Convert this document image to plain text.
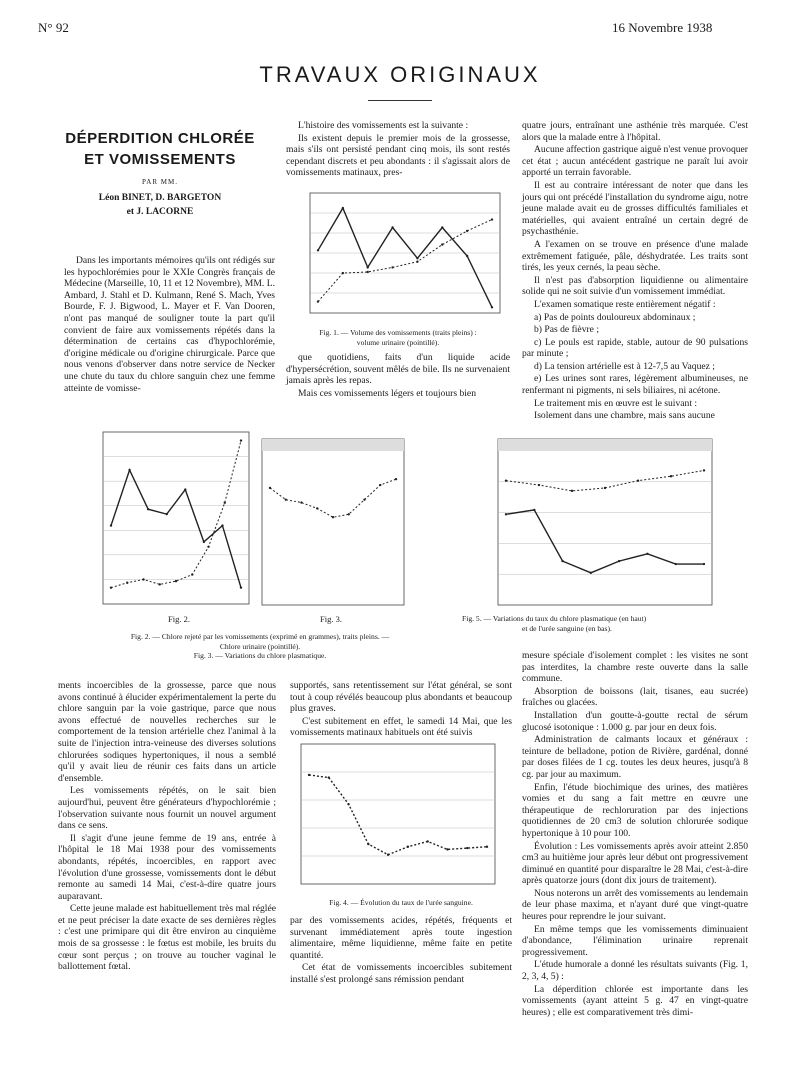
N° 92	16 Novembre 1938
TRAVAUX ORIGINAUX
DÉPERDITION CHLORÉE
ET VOMISSEMENTS
PAR MM.
Léon BINET, D. BARGETON
et J. LACORNE

Dans les importants mémoires qu'ils ont rédigés sur les hypochlorémies pour le XXIe Congrès français de Médecine (Marseille, 10, 11 et 12 Novembre), MM. L. Ambard, J. Stahl et D. Kulmann, René S. Mach, Yves Bourde, F. J. Bigwood, L. Mayer et F. Van Dooren, n'ont pas manqué de souligner toute la part qu'il convient de faire aux vomissements répétés dans la détermination de certains cas d'hypochlorémie, d'origine médicale ou d'origine chirurgicale. Parce que nous venons d'observer dans notre service de Necker une chute du taux du chlore sanguin chez une femme atteinte de vomisse-

L'histoire des vomissements est la suivante :

Ils existent depuis le premier mois de la grossesse, mais s'ils ont persisté pendant cinq mois, ils sont restés cependant discrets et peu abondants : il s'agissait alors de vomissements matinaux, pres-

Fig. 1. — Volume des vomissements (traits pleins) :
volume urinaire (pointillé).

que quotidiens, faits d'un liquide acide d'hypersécrétion, souvent mêlés de bile. Ils ne survenaient jamais après les repas.

Mais ces vomissements légers et toujours bien

quatre jours, entraînant une asthénie très marquée. C'est alors que la malade entre à l'hôpital.

Aucune affection gastrique aiguë n'est venue provoquer cet état ; aucun antécédent gastrique ne paraît lui avoir apporté un terrain favorable.

Il est au contraire intéressant de noter que dans les jours qui ont précédé l'installation du syndrome aigu, notre jeune malade avait eu de grosses difficultés familiales et matérielles, qui avaient entraîné un certain degré de psychasthénie.

A l'examen on se trouve en présence d'une malade extrêmement fatiguée, pâle, déshydratée. Les traits sont tirés, les yeux cernés, la peau sèche.

Il n'est pas d'absorption liquidienne ou alimentaire solide qui ne soit suivie d'un vomissement immédiat.

L'examen somatique reste entièrement négatif :

a) Pas de points douloureux abdominaux ;

b) Pas de fièvre ;

c) Le pouls est rapide, stable, autour de 90 pulsations par minute ;

d) La tension artérielle est à 12-7,5 au Vaquez ;

e) Les urines sont rares, légèrement albumineuses, ne renfermant ni pigments, ni sels biliaires, ni acétone.

Le traitement mis en œuvre est le suivant :

Isolement dans une chambre, mais sans aucune

Fig. 2.	Fig. 3.	Fig. 5. — Variations du taux du chlore plasmatique (en haut)
et de l'urée sanguine (en bas).
Fig. 2. — Chlore rejeté par les vomissements (exprimé en grammes), traits pleins. —
Chlore urinaire (pointillé).
Fig. 3. — Variations du chlore plasmatique.

ments incoercibles de la grossesse, parce que nous avons continué à élucider expérimentalement la perte du chlore sanguin par la voie gastrique, parce que nous avons effectué de nouvelles recherches sur le comportement de la tension artérielle chez l'animal à la suite de l'injection intra-veineuse des diverses solutions chlorurées sodiques hypertoniques, il nous a semblé qu'il y avait lieu de réunir ces faits dans un article d'ensemble.

Les vomissements répétés, on le sait bien aujourd'hui, peuvent être générateurs d'hypochlorémie ; l'observation suivante nous fournit un nouvel argument dans ce sens.

Il s'agit d'une jeune femme de 19 ans, entrée à l'hôpital le 18 Mai 1938 pour des vomissements abondants, répétés, incoercibles, en rapport avec l'évolution d'une grossesse, vomissements dont le début remonte au samedi 14 Mai, c'est-à-dire quatre jours auparavant.

Cette jeune malade est habituellement très mal réglée et ne peut préciser la date exacte de ses dernières règles : c'est une primipare qui dit être environ au cinquième mois de sa grossesse : le fœtus est mobile, les bruits du cœur sont perçus ; on trouve au toucher vaginal le ballottement fœtal.

supportés, sans retentissement sur l'état général, se sont tout à coup révélés beaucoup plus abondants et beaucoup plus graves.

C'est subitement en effet, le samedi 14 Mai, que les vomissements matinaux habituels ont été suivis

Fig. 4. — Évolution du taux de l'urée sanguine.

par des vomissements acides, répétés, fréquents et survenant immédiatement après toute ingestion alimentaire, même liquidienne, même faite en petite quantité.

Cet état de vomissements incoercibles subitement installé s'est prolongé sans rémission pendant

mesure spéciale d'isolement complet : les visites ne sont pas interdites, la chambre reste ouverte dans la salle commune.

Absorption de boissons (lait, tisanes, eau sucrée) fraîches ou glacées.

Installation d'un goutte-à-goutte rectal de sérum glucosé isotonique : 1.000 g. par jour en deux fois.

Administration de calmants locaux et généraux : teinture de belladone, potion de Rivière, gardénal, donné par doses filées de 1 cg. toutes les deux heures, jusqu'à 8 cg. par jour au maximum.

Enfin, l'étude biochimique des urines, des matières vomies et du sang a fait mettre en œuvre une thérapeutique de rechloruration par des injections quotidiennes de 20 cm3 de solution chlorurée sodique hypertonique à 10 pour 100.

Évolution : Les vomissements après avoir atteint 2.850 cm3 au huitième jour après leur début ont progressivement diminué en quantité pour disparaître le 28 Mai, c'est-à-dire après quatorze jours (dont dix jours de traitement).

Nous noterons un arrêt des vomissements au lendemain de leur phase maxima, et n'ayant duré que vingt-quatre heures pour reprendre le jour suivant.

En même temps que les vomissements diminuaient d'abondance, l'élimination urinaire reprenait progressivement.

L'étude humorale a donné les résultats suivants (Fig. 1, 2, 3, 4, 5) :

La déperdition chlorée est importante dans les vomissements (ayant atteint 5 g. 47 en vingt-quatre heures) ; elle est comparativement très dimi-
